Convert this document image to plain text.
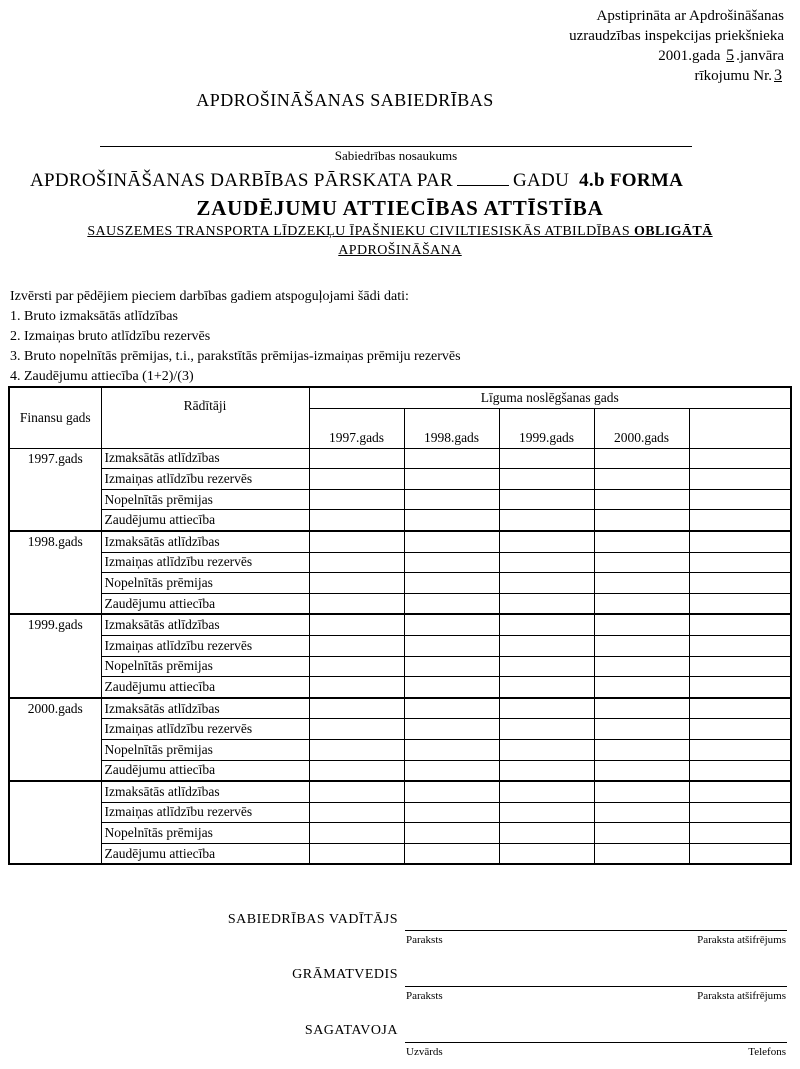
Apstiprināta ar Apdrošināšanas
uzraudzības inspekcijas priekšnieka
2001.gada 5 .janvāra
rīkojumu Nr. 3
APDROŠINĀŠANAS SABIEDRĪBAS
Sabiedrības nosaukums
APDROŠINĀŠANAS DARBĪBAS PĀRSKATA PAR	GADU 4.b FORMA
ZAUDĒJUMU ATTIECĪBAS ATTĪSTĪBA
SAUSZEMES TRANSPORTA LĪDZEKĻU ĪPAŠNIEKU CIVILTIESISKĀS ATBILDĪBAS OBLIGĀTĀ
APDROŠINĀŠANA
Izvērsti par pēdējiem pieciem darbības gadiem atspoguļojami šādi dati:
1. Bruto izmaksātās atlīdzības
2. Izmaiņas bruto atlīdzību rezervēs
3. Bruto nopelnītās prēmijas, t.i., parakstītās prēmijas-izmaiņas prēmiju rezervēs
4. Zaudējumu attiecība (1+2)/(3)
Finansu gads	Rādītāji	Līguma noslēgšanas gads				
		1997.gads	1998.gads	1999.gads	2000.gads	
1997.gads	Izmaksātās atlīdzības					
	Izmaiņas atlīdzību rezervēs					
	Nopelnītās prēmijas					
	Zaudējumu attiecība					
1998.gads	Izmaksātās atlīdzības					
	Izmaiņas atlīdzību rezervēs					
	Nopelnītās prēmijas					
	Zaudējumu attiecība					
1999.gads	Izmaksātās atlīdzības					
	Izmaiņas atlīdzību rezervēs					
	Nopelnītās prēmijas					
	Zaudējumu attiecība					
2000.gads	Izmaksātās atlīdzības					
	Izmaiņas atlīdzību rezervēs					
	Nopelnītās prēmijas					
	Zaudējumu attiecība					
	Izmaksātās atlīdzības					
	Izmaiņas atlīdzību rezervēs					
	Nopelnītās prēmijas					
	Zaudējumu attiecība					
SABIEDRĪBAS VADĪTĀJS
Paraksts	Paraksta atšifrējums
GRĀMATVEDIS
Paraksts	Paraksta atšifrējums
SAGATAVOJA
Uzvārds	Telefons
